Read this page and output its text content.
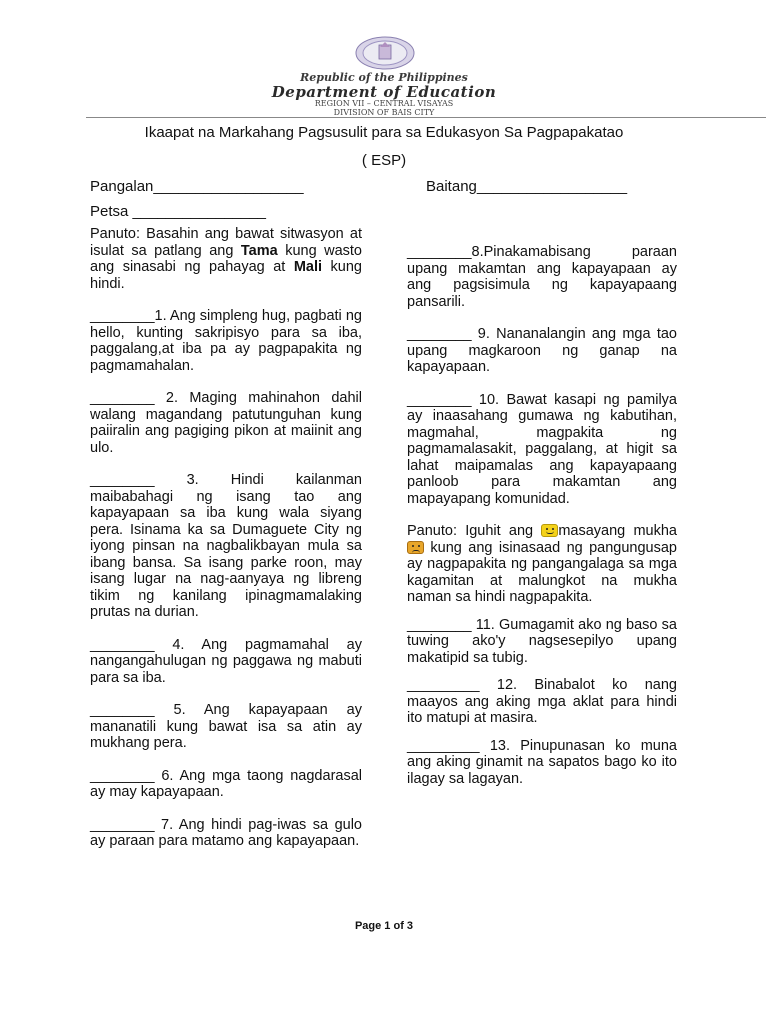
Republic of the Philippines
Department of Education
REGION VII – CENTRAL VISAYAS
DIVISION OF BAIS CITY
Ikaapat na Markahang Pagsusulit para sa Edukasyon Sa Pagpapakatao
( ESP)
Pangalan__________________	Baitang__________________
Petsa ________________

Panuto: Basahin ang bawat sitwasyon at isulat sa patlang ang Tama kung wasto ang sinasabi ng pahayag at Mali kung hindi.

________1. Ang simpleng hug, pagbati ng hello, kunting sakripisyo para sa iba, paggalang,at iba pa ay pagpapakita ng pagmamahalan.

________ 2. Maging mahinahon dahil walang magandang patutunguhan kung paiiralin ang pagiging pikon at maiinit ang ulo.

________ 3. Hindi kailanman maibabahagi ng isang tao ang kapayapaan sa iba kung wala siyang pera. Isinama ka sa Dumaguete City ng iyong pinsan na nagbalikbayan mula sa ibang bansa. Sa isang parke roon, may isang lugar na nag-aanyaya ng libreng tikim ng kanilang ipinagmamalaking prutas na durian.

________ 4. Ang pagmamahal ay nangangahulugan ng paggawa ng mabuti para sa iba.

________ 5. Ang kapayapaan ay mananatili kung bawat isa sa atin ay mukhang pera.

________ 6. Ang mga taong nagdarasal ay may kapayapaan.

________ 7. Ang hindi pag-iwas sa gulo ay paraan para matamo ang kapayapaan.

________8.Pinakamabisang paraan upang makamtan ang kapayapaan ay ang pagsisimula ng kapayapaang pansarili.

________ 9. Nananalangin ang mga tao upang magkaroon ng ganap na kapayapaan.

________ 10. Bawat kasapi ng pamilya ay inaasahang gumawa ng kabutihan, magmahal, magpakita ng pagmamalasakit, paggalang, at higit sa lahat maipamalas ang kapayapaang panloob para makamtan ang mapayapang komunidad.

Panuto: Iguhit ang
masayang mukha
kung ang isinasaad ng pangungusap ay nagpapakita ng pangangalaga sa mga kagamitan at malungkot na mukha naman sa hindi nagpapakita.

________ 11. Gumagamit ako ng baso sa tuwing ako'y nagsesepilyo upang makatipid sa tubig.

_________ 12. Binabalot ko nang maayos ang aking mga aklat para hindi ito matupi at masira.

_________ 13. Pinupunasan ko muna ang aking ginamit na sapatos bago ko ito ilagay sa lagayan.

Page 1 of 3
